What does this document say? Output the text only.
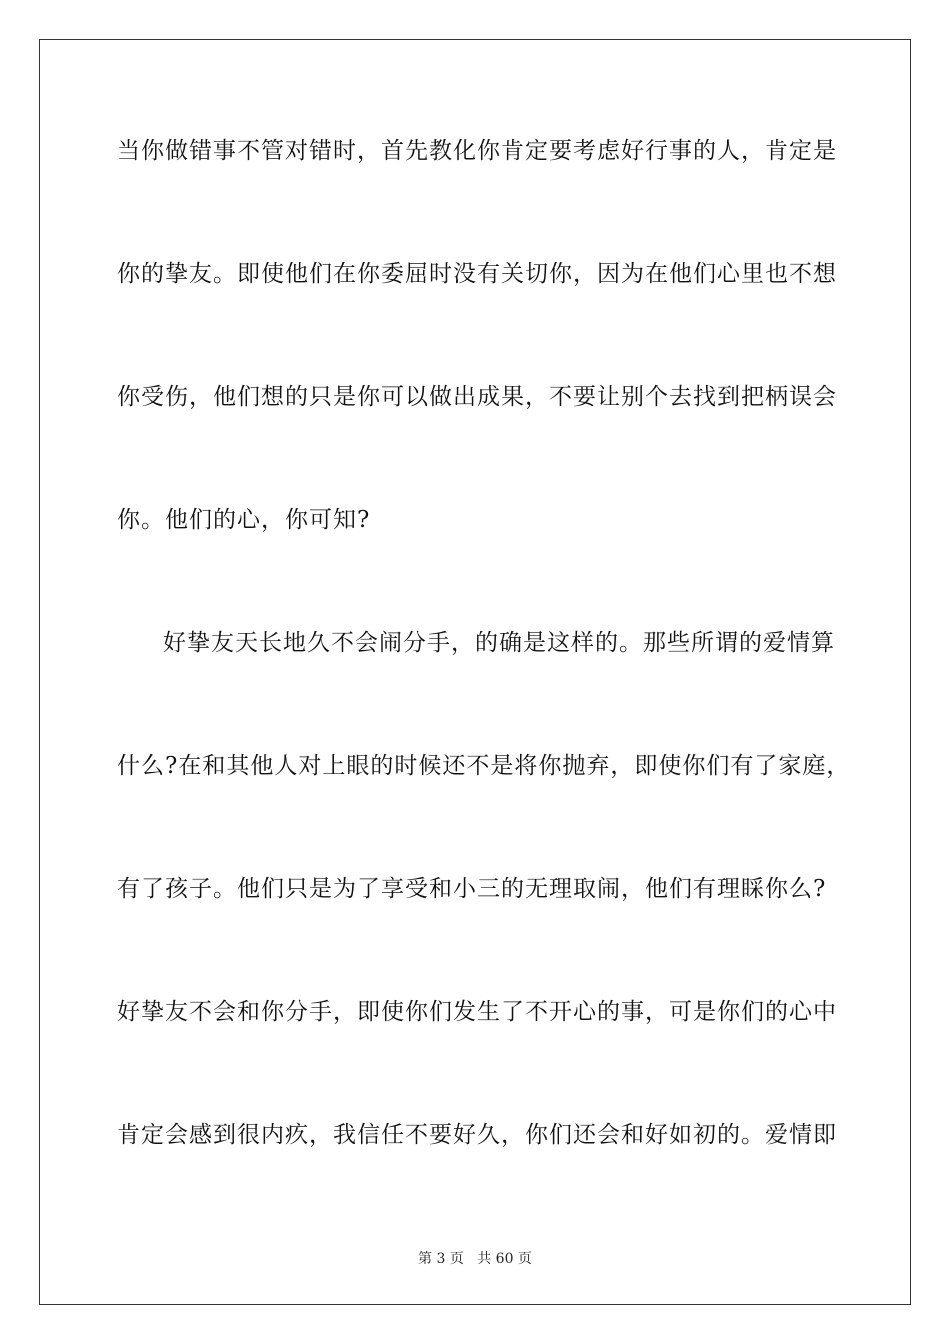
当你做错事不管对错时，首先教化你肯定要考虑好行事的人，肯定是
你的挚友。即使他们在你委屈时没有关切你，因为在他们心里也不想
你受伤，他们想的只是你可以做出成果，不要让别个去找到把柄误会
你。他们的心，你可知?
好挚友天长地久不会闹分手，的确是这样的。那些所谓的爱情算
什么?在和其他人对上眼的时候还不是将你抛弃，即使你们有了家庭，
有了孩子。他们只是为了享受和小三的无理取闹，他们有理睬你么?
好挚友不会和你分手，即使你们发生了不开心的事，可是你们的心中
肯定会感到很内疚，我信任不要好久，你们还会和好如初的。爱情即
第 3 页 共 60 页
